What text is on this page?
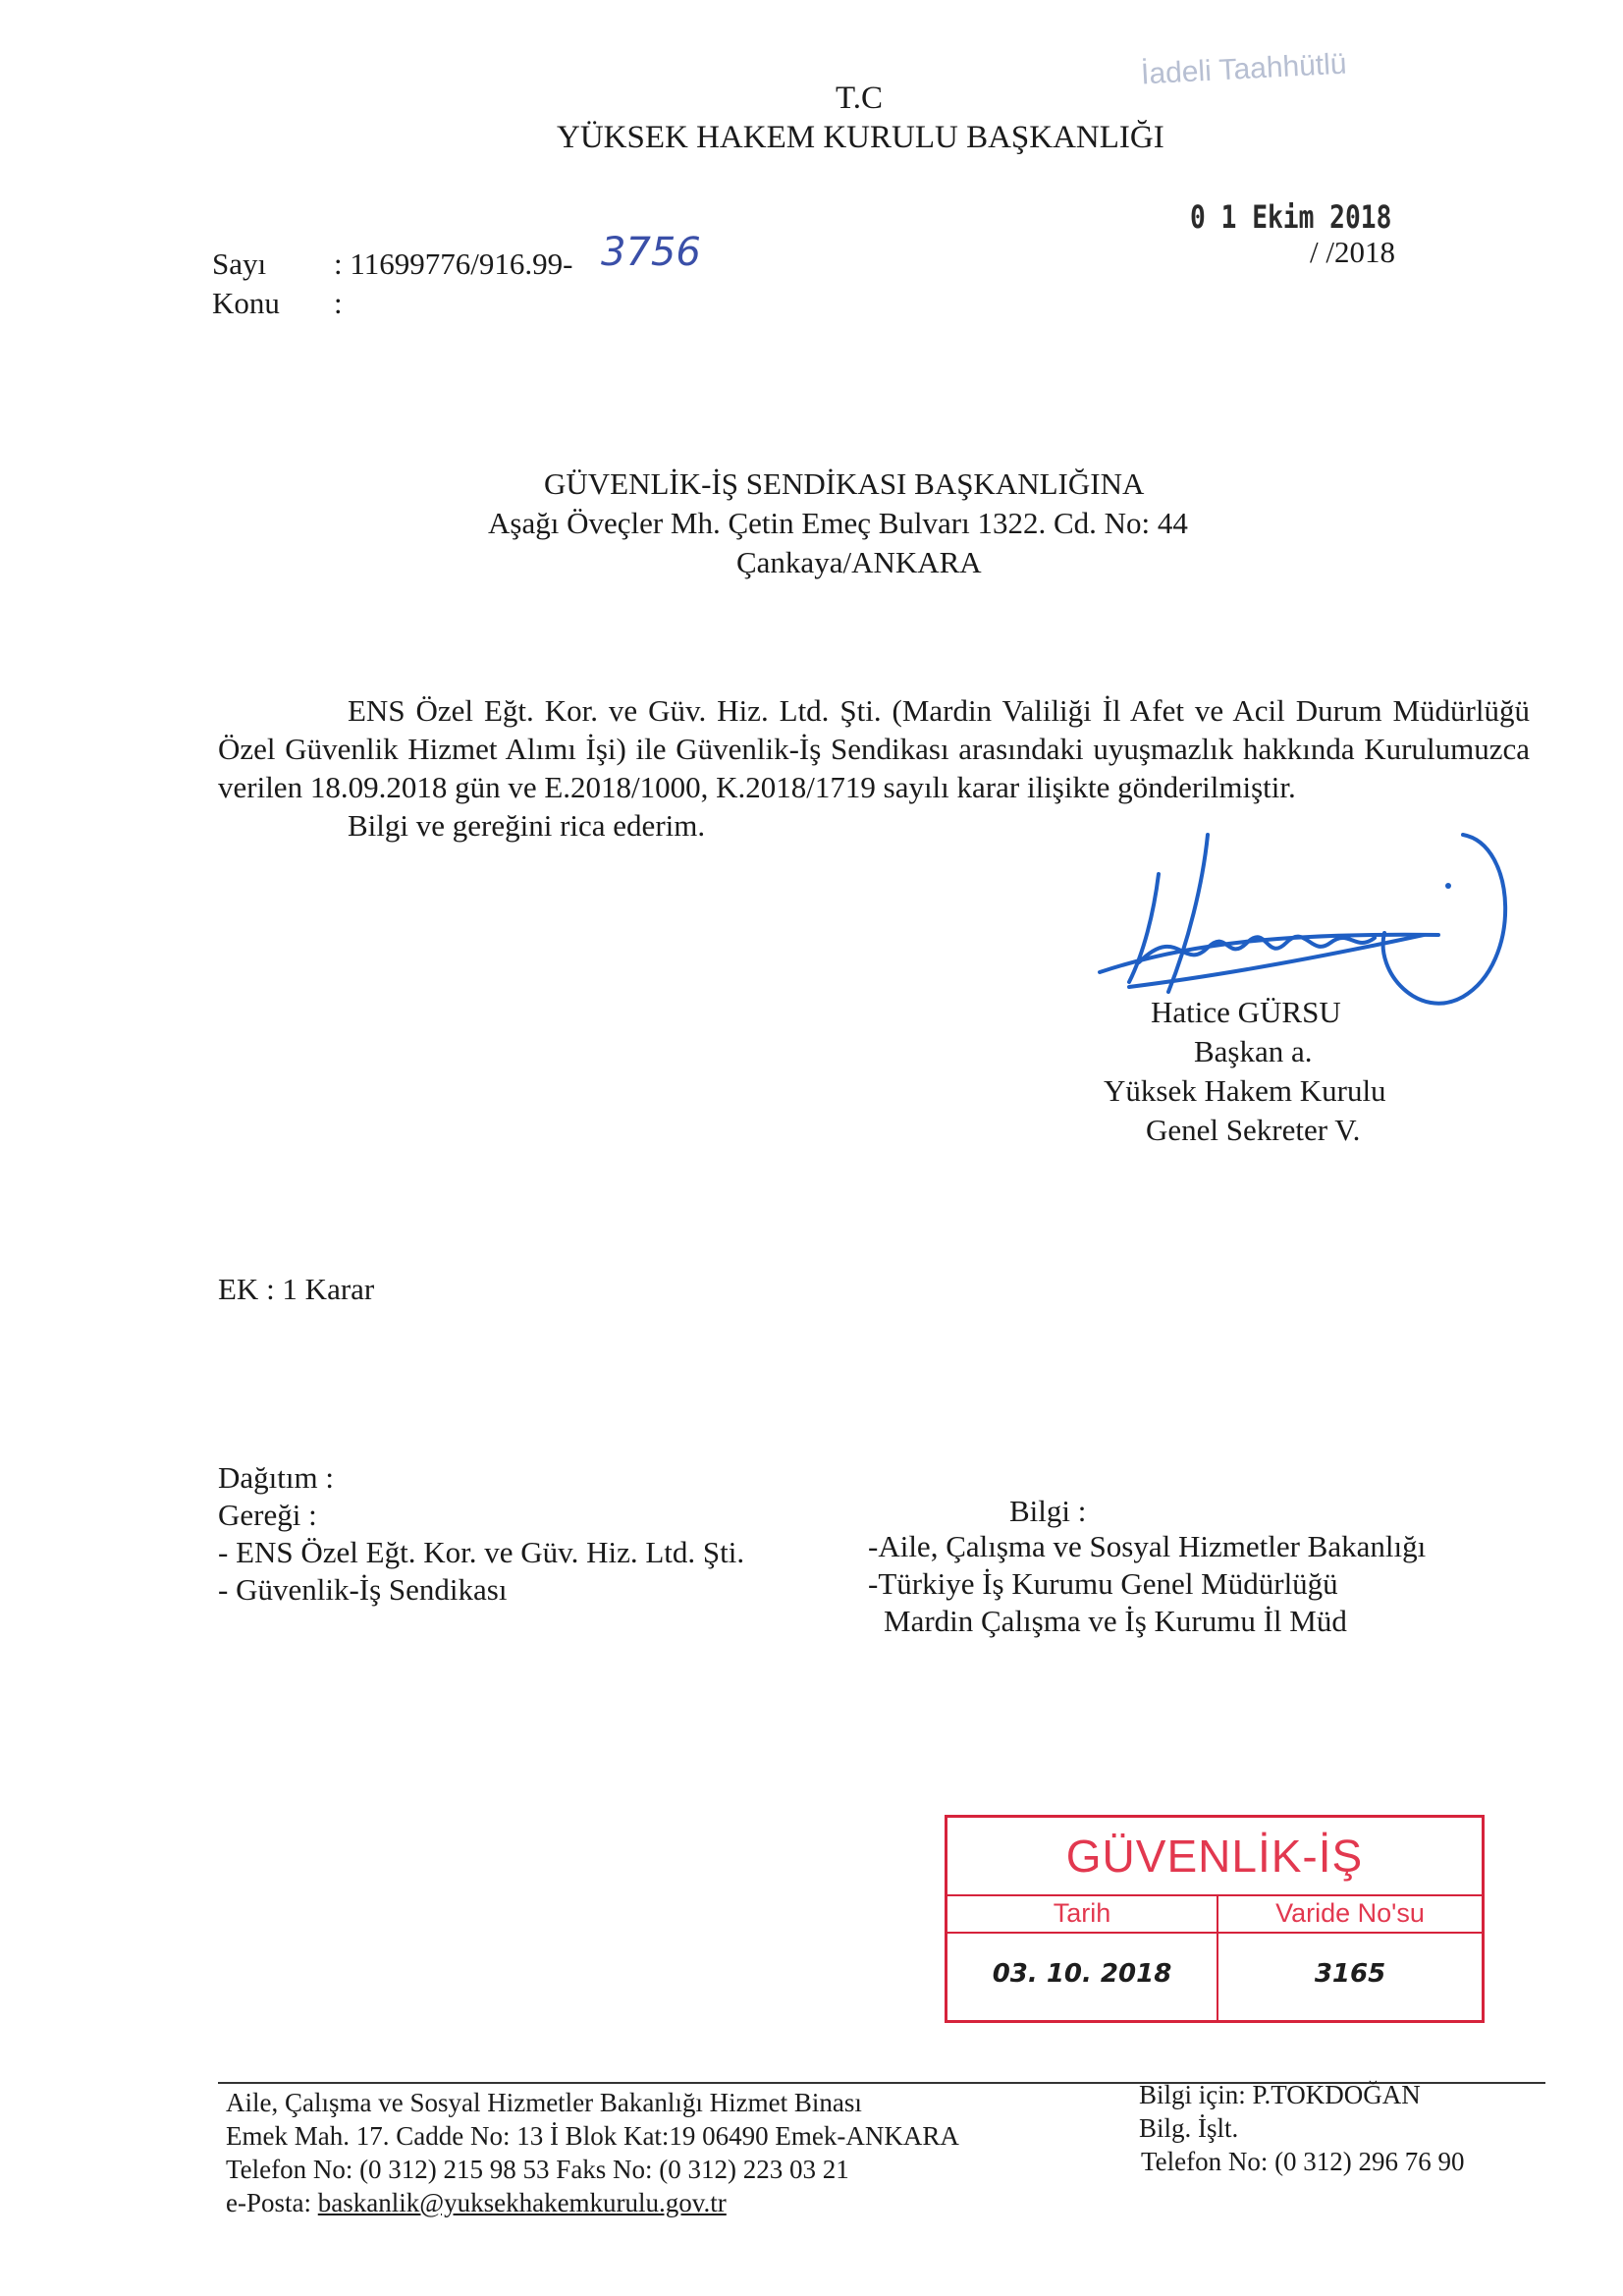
İadeli Taahhütlü
T.C
YÜKSEK HAKEM KURULU BAŞKANLIĞI
0 1 Ekim 2018
/ /2018
Sayı : 11699776/916.99- 3756
Konu :
GÜVENLİK-İŞ SENDİKASI BAŞKANLIĞINA
Aşağı Öveçler Mh. Çetin Emeç Bulvarı 1322. Cd. No: 44
Çankaya/ANKARA

ENS Özel Eğt. Kor. ve Güv. Hiz. Ltd. Şti. (Mardin Valiliği İl Afet ve Acil Durum Müdürlüğü Özel Güvenlik Hizmet Alımı İşi) ile Güvenlik-İş Sendikası arasındaki uyuşmazlık hakkında Kurulumuzca verilen 18.09.2018 gün ve E.2018/1000, K.2018/1719 sayılı karar ilişikte gönderilmiştir.

Bilgi ve gereğini rica ederim.

Hatice GÜRSU
Başkan a.
Yüksek Hakem Kurulu
Genel Sekreter V.
EK : 1 Karar
Dağıtım :
Gereği :
- ENS Özel Eğt. Kor. ve Güv. Hiz. Ltd. Şti.
- Güvenlik-İş Sendikası
Bilgi :
-Aile, Çalışma ve Sosyal Hizmetler Bakanlığı
-Türkiye İş Kurumu Genel Müdürlüğü
Mardin Çalışma ve İş Kurumu İl Müd
GÜVENLİK-İŞ
Tarih
03. 10. 2018
Varide No'su
3165
Aile, Çalışma ve Sosyal Hizmetler Bakanlığı Hizmet Binası
Emek Mah. 17. Cadde No: 13 İ Blok Kat:19 06490 Emek-ANKARA
Telefon No: (0 312) 215 98 53 Faks No: (0 312) 223 03 21
e-Posta: baskanlik@yuksekhakemkurulu.gov.tr
Bilgi için: P.TOKDOĞAN
Bilg. İşlt.
Telefon No: (0 312) 296 76 90
